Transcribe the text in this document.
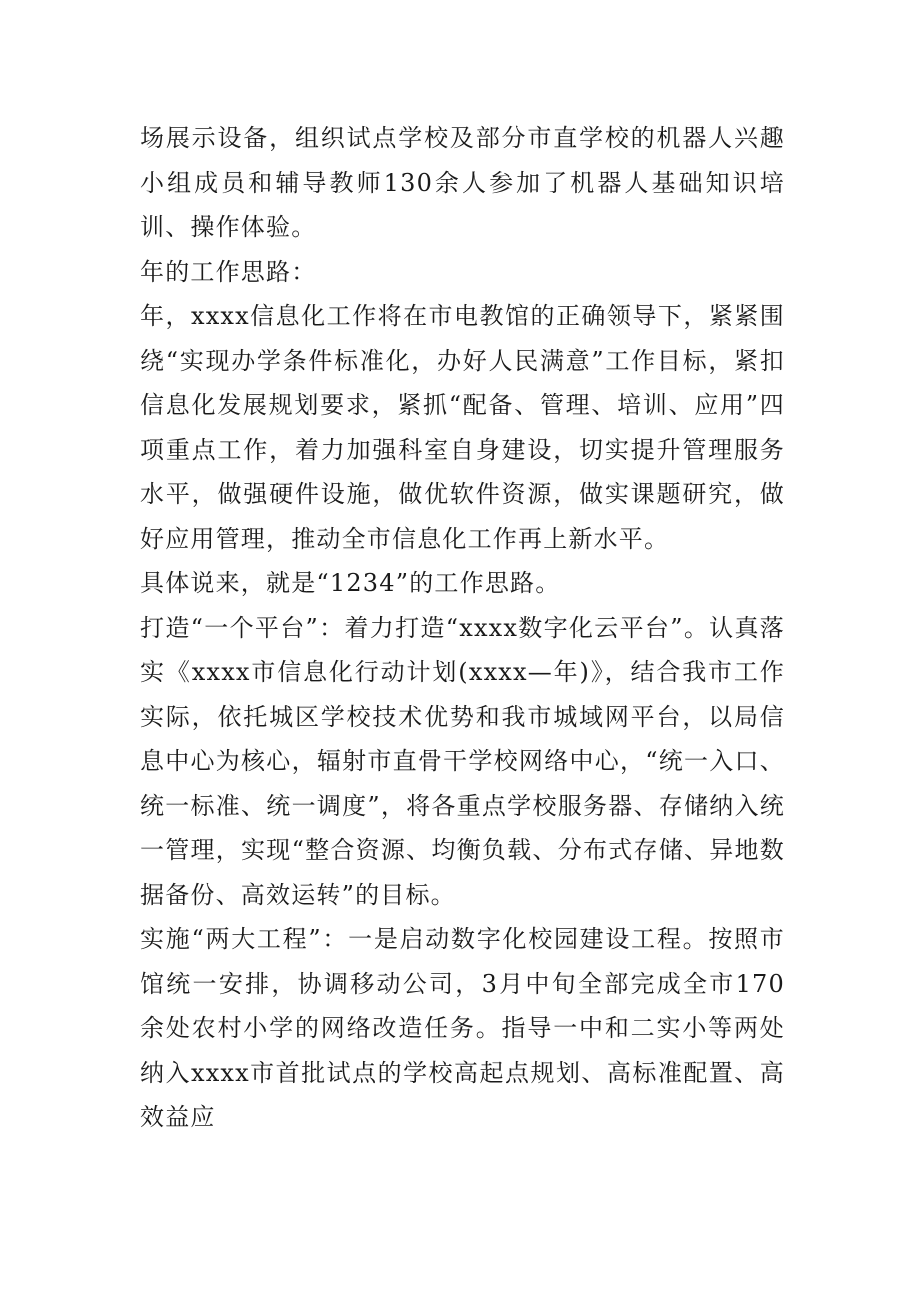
场展示设备，组织试点学校及部分市直学校的机器人兴趣小组成员和辅导教师130余人参加了机器人基础知识培训、操作体验。

年的工作思路：

年，xxxx信息化工作将在市电教馆的正确领导下，紧紧围绕“实现办学条件标准化，办好人民满意”工作目标，紧扣信息化发展规划要求，紧抓“配备、管理、培训、应用”四项重点工作，着力加强科室自身建设，切实提升管理服务水平，做强硬件设施，做优软件资源，做实课题研究，做好应用管理，推动全市信息化工作再上新水平。

具体说来，就是“1234”的工作思路。

打造“一个平台”：着力打造“xxxx数字化云平台”。认真落实《xxxx市信息化行动计划(xxxx—年)》，结合我市工作实际，依托城区学校技术优势和我市城域网平台，以局信息中心为核心，辐射市直骨干学校网络中心，“统一入口、统一标准、统一调度”，将各重点学校服务器、存储纳入统一管理，实现“整合资源、均衡负载、分布式存储、异地数据备份、高效运转”的目标。

实施“两大工程”：一是启动数字化校园建设工程。按照市馆统一安排，协调移动公司，3月中旬全部完成全市170余处农村小学的网络改造任务。指导一中和二实小等两处纳入xxxx市首批试点的学校高起点规划、高标准配置、高效益应
